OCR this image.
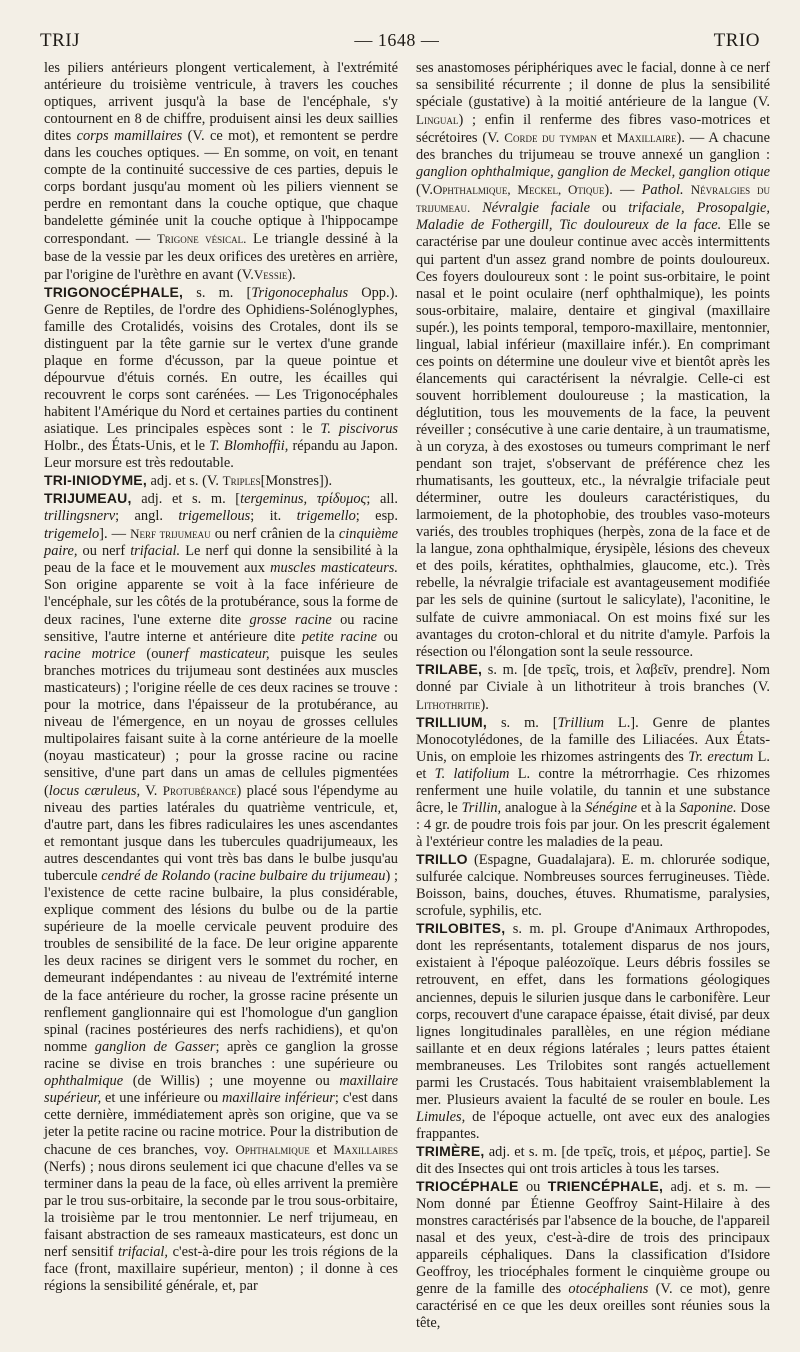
TRIJ	— 1648 —	TRIO

les piliers antérieurs plongent verticalement, à l'extrémité antérieure du troisième ventricule, à travers les couches optiques, arrivent jusqu'à la base de l'encéphale, s'y contournent en 8 de chiffre, produisent ainsi les deux saillies dites corps mamillaires (V. ce mot), et remontent se perdre dans les couches optiques. — En somme, on voit, en tenant compte de la continuité successive de ces parties, depuis le corps bordant jusqu'au moment où les piliers viennent se perdre en remontant dans la couche optique, que chaque bandelette géminée unit la couche optique à l'hippocampe correspondant. — Trigone vésical. Le triangle dessiné à la base de la vessie par les deux orifices des uretères en arrière, par l'origine de l'urèthre en avant (V.Vessie).

TRIGONOCÉPHALE, s. m. [Trigonocephalus Opp.). Genre de Reptiles, de l'ordre des Ophidiens-Solénoglyphes, famille des Crotalidés, voisins des Crotales, dont ils se distinguent par la tête garnie sur le vertex d'une grande plaque en forme d'écusson, par la queue pointue et dépourvue d'étuis cornés. En outre, les écailles qui recouvrent le corps sont carénées. — Les Trigonocéphales habitent l'Amérique du Nord et certaines parties du continent asiatique. Les principales espèces sont : le T. piscivorus Holbr., des États-Unis, et le T. Blomhoffii, répandu au Japon. Leur morsure est très redoutable.

TRI-INIODYME, adj. et s. (V. Triples[Monstres]).

TRIJUMEAU, adj. et s. m. [tergeminus, τρίδυμος; all. trillingsnerv; angl. trigemellous; it. trigemello; esp. trigemelo]. — Nerf trijumeau ou nerf crânien de la cinquième paire, ou nerf trifacial. Le nerf qui donne la sensibilité à la peau de la face et le mouvement aux muscles masticateurs. Son origine apparente se voit à la face inférieure de l'encéphale, sur les côtés de la protubérance, sous la forme de deux racines, l'une externe dite grosse racine ou racine sensitive, l'autre interne et antérieure dite petite racine ou racine motrice (ounerf masticateur, puisque les seules branches motrices du trijumeau sont destinées aux muscles masticateurs) ; l'origine réelle de ces deux racines se trouve : pour la motrice, dans l'épaisseur de la protubérance, au niveau de l'émergence, en un noyau de grosses cellules multipolaires faisant suite à la corne antérieure de la moelle (noyau masticateur) ; pour la grosse racine ou racine sensitive, d'une part dans un amas de cellules pigmentées (locus cæruleus, V. Protubérance) placé sous l'épendyme au niveau des parties latérales du quatrième ventricule, et, d'autre part, dans les fibres radiculaires les unes ascendantes et remontant jusque dans les tubercules quadrijumeaux, les autres descendantes qui vont très bas dans le bulbe jusqu'au tubercule cendré de Rolando (racine bulbaire du trijumeau) ; l'existence de cette racine bulbaire, la plus considérable, explique comment des lésions du bulbe ou de la partie supérieure de la moelle cervicale peuvent produire des troubles de sensibilité de la face. De leur origine apparente les deux racines se dirigent vers le sommet du rocher, en demeurant indépendantes : au niveau de l'extrémité interne de la face antérieure du rocher, la grosse racine présente un renflement ganglionnaire qui est l'homologue d'un ganglion spinal (racines postérieures des nerfs rachidiens), et qu'on nomme ganglion de Gasser; après ce ganglion la grosse racine se divise en trois branches : une supérieure ou ophthalmique (de Willis) ; une moyenne ou maxillaire supérieur, et une inférieure ou maxillaire inférieur; c'est dans cette dernière, immédiatement après son origine, que va se jeter la petite racine ou racine motrice. Pour la distribution de chacune de ces branches, voy. Ophthalmique et Maxillaires (Nerfs) ; nous dirons seulement ici que chacune d'elles va se terminer dans la peau de la face, où elles arrivent la première par le trou sus-orbitaire, la seconde par le trou sous-orbitaire, la troisième par le trou mentonnier. Le nerf trijumeau, en faisant abstraction de ses rameaux masticateurs, est donc un nerf sensitif trifacial, c'est-à-dire pour les trois régions de la face (front, maxillaire supérieur, menton) ; il donne à ces régions la sensibilité générale, et, par

ses anastomoses périphériques avec le facial, donne à ce nerf sa sensibilité récurrente ; il donne de plus la sensibilité spéciale (gustative) à la moitié antérieure de la langue (V. Lingual) ; enfin il renferme des fibres vaso-motrices et sécrétoires (V. Corde du tympan et Maxillaire). — A chacune des branches du trijumeau se trouve annexé un ganglion : ganglion ophthalmique, ganglion de Meckel, ganglion otique (V.Ophthalmique, Meckel, Otique). — Pathol. Névralgies du trijumeau. Névralgie faciale ou trifaciale, Prosopalgie, Maladie de Fothergill, Tic douloureux de la face. Elle se caractérise par une douleur continue avec accès intermittents qui partent d'un assez grand nombre de points douloureux. Ces foyers douloureux sont : le point sus-orbitaire, le point nasal et le point oculaire (nerf ophthalmique), les points sous-orbitaire, malaire, dentaire et gingival (maxillaire supér.), les points temporal, temporo-maxillaire, mentonnier, lingual, labial inférieur (maxillaire infér.). En comprimant ces points on détermine une douleur vive et bientôt après les élancements qui caractérisent la névralgie. Celle-ci est souvent horriblement douloureuse ; la mastication, la déglutition, tous les mouvements de la face, la peuvent réveiller ; consécutive à une carie dentaire, à un traumatisme, à un coryza, à des exostoses ou tumeurs comprimant le nerf pendant son trajet, s'observant de préférence chez les rhumatisants, les goutteux, etc., la névralgie trifaciale peut déterminer, outre les douleurs caractéristiques, du larmoiement, de la photophobie, des troubles vaso-moteurs variés, des troubles trophiques (herpès, zona de la face et de la langue, zona ophthalmique, érysipèle, lésions des cheveux et des poils, kératites, ophthalmies, glaucome, etc.). Très rebelle, la névralgie trifaciale est avantageusement modifiée par les sels de quinine (surtout le salicylate), l'aconitine, le sulfate de cuivre ammoniacal. On est moins fixé sur les avantages du croton-chloral et du nitrite d'amyle. Parfois la résection ou l'élongation sont la seule ressource.

TRILABE, s. m. [de τρεῖς, trois, et λαβεῖν, prendre]. Nom donné par Civiale à un lithotriteur à trois branches (V. Lithothritie).

TRILLIUM, s. m. [Trillium L.]. Genre de plantes Monocotylédones, de la famille des Liliacées. Aux États-Unis, on emploie les rhizomes astringents des Tr. erectum L. et T. latifolium L. contre la métrorrhagie. Ces rhizomes renferment une huile volatile, du tannin et une substance âcre, le Trillin, analogue à la Sénégine et à la Saponine. Dose : 4 gr. de poudre trois fois par jour. On les prescrit également à l'extérieur contre les maladies de la peau.

TRILLO (Espagne, Guadalajara). E. m. chlorurée sodique, sulfurée calcique. Nombreuses sources ferrugineuses. Tiède. Boisson, bains, douches, étuves. Rhumatisme, paralysies, scrofule, syphilis, etc.

TRILOBITES, s. m. pl. Groupe d'Animaux Arthropodes, dont les représentants, totalement disparus de nos jours, existaient à l'époque paléozoïque. Leurs débris fossiles se retrouvent, en effet, dans les formations géologiques anciennes, depuis le silurien jusque dans le carbonifère. Leur corps, recouvert d'une carapace épaisse, était divisé, par deux lignes longitudinales parallèles, en une région médiane saillante et en deux régions latérales ; leurs pattes étaient membraneuses. Les Trilobites sont rangés actuellement parmi les Crustacés. Tous habitaient vraisemblablement la mer. Plusieurs avaient la faculté de se rouler en boule. Les Limules, de l'époque actuelle, ont avec eux des analogies frappantes.

TRIMÈRE, adj. et s. m. [de τρεῖς, trois, et μέρος, partie]. Se dit des Insectes qui ont trois articles à tous les tarses.

TRIOCÉPHALE ou TRIENCÉPHALE, adj. et s. m. — Nom donné par Étienne Geoffroy Saint-Hilaire à des monstres caractérisés par l'absence de la bouche, de l'appareil nasal et des yeux, c'est-à-dire de trois des principaux appareils céphaliques. Dans la classification d'Isidore Geoffroy, les triocéphales forment le cinquième groupe ou genre de la famille des otocéphaliens (V. ce mot), genre caractérisé en ce que les deux oreilles sont réunies sous la tête,
